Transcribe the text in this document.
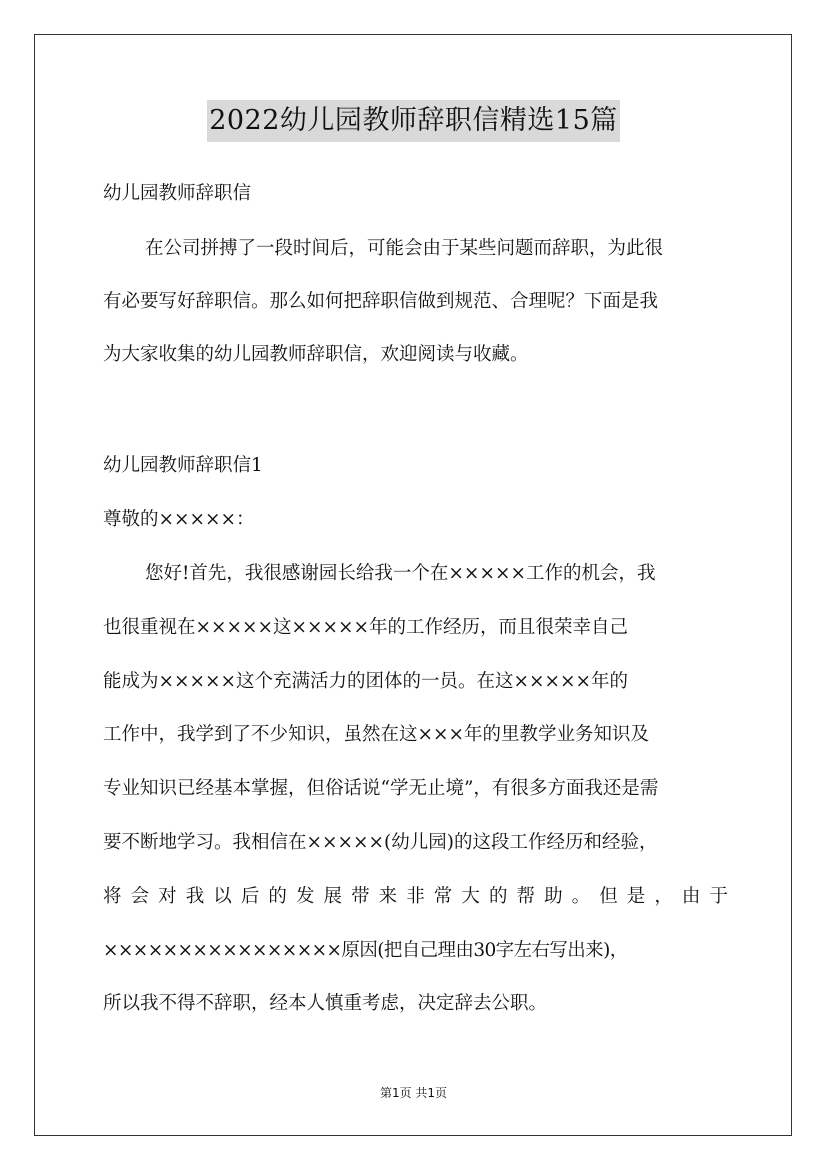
2022幼儿园教师辞职信精选15篇
幼儿园教师辞职信
在公司拼搏了一段时间后，可能会由于某些问题而辞职，为此很
有必要写好辞职信。那么如何把辞职信做到规范、合理呢？下面是我
为大家收集的幼儿园教师辞职信，欢迎阅读与收藏。
幼儿园教师辞职信1
尊敬的×××××：
您好!首先，我很感谢园长给我一个在×××××工作的机会，我
也很重视在×××××这×××××年的工作经历，而且很荣幸自己
能成为×××××这个充满活力的团体的一员。在这×××××年的
工作中，我学到了不少知识，虽然在这×××年的里教学业务知识及
专业知识已经基本掌握，但俗话说“学无止境”，有很多方面我还是需
要不断地学习。我相信在×××××(幼儿园)的这段工作经历和经验，
将会对我以后的发展带来非常大的帮助。但是，由于
××××××××××××××××原因(把自己理由30字左右写出来)，
所以我不得不辞职，经本人慎重考虑，决定辞去公职。
第1页 共1页
